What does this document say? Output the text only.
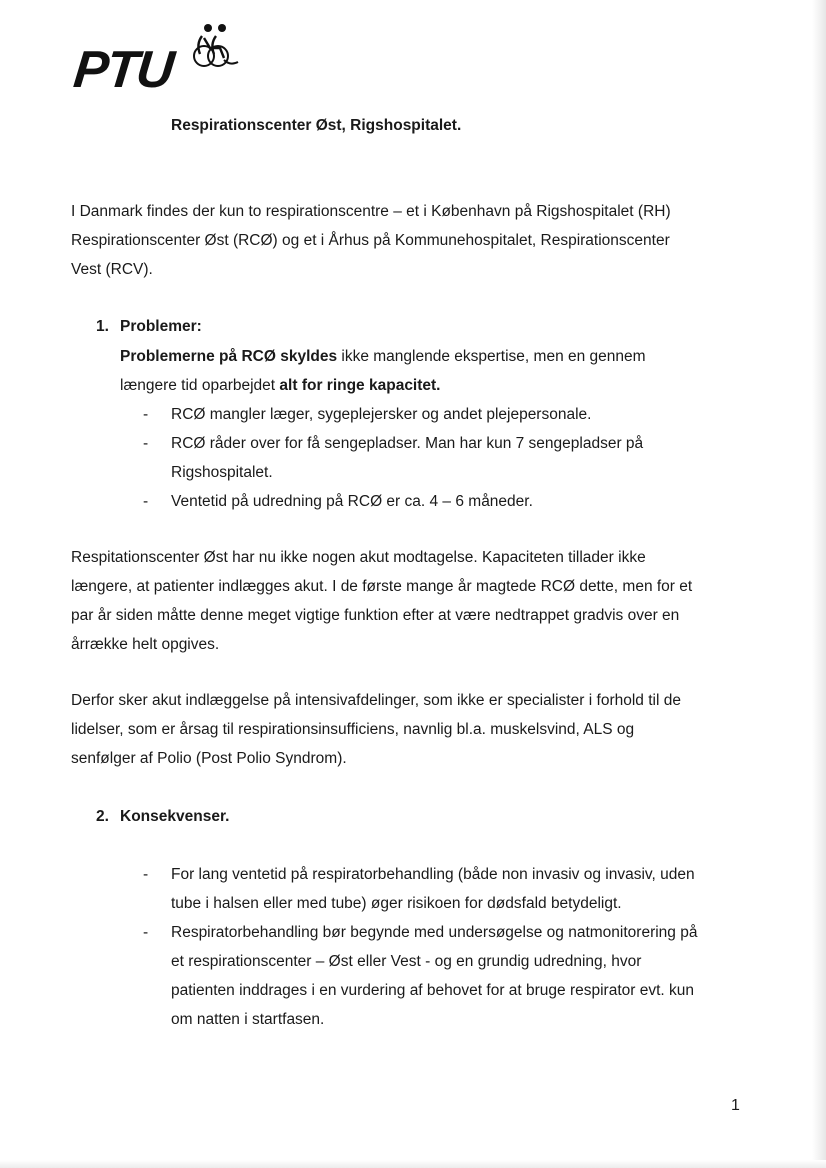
PTU
Respirationscenter Øst, Rigshospitalet.
I Danmark findes der kun to respirationscentre – et i København på Rigshospitalet (RH)
Respirationscenter Øst (RCØ) og et i Århus på Kommunehospitalet, Respirationscenter
Vest (RCV).
1. Problemer:
Problemerne på RCØ skyldes ikke manglende ekspertise, men en gennem
længere tid oparbejdet alt for ringe kapacitet.
- RCØ mangler læger, sygeplejersker og andet plejepersonale.
- RCØ råder over for få sengepladser. Man har kun 7 sengepladser på
Rigshospitalet.
- Ventetid på udredning på RCØ er ca. 4 – 6 måneder.
Respitationscenter Øst har nu ikke nogen akut modtagelse. Kapaciteten tillader ikke
længere, at patienter indlægges akut. I de første mange år magtede RCØ dette, men for et
par år siden måtte denne meget vigtige funktion efter at være nedtrappet gradvis over en
årrække helt opgives.
Derfor sker akut indlæggelse på intensivafdelinger, som ikke er specialister i forhold til de
lidelser, som er årsag til respirationsinsufficiens, navnlig bl.a. muskelsvind, ALS og
senfølger af Polio (Post Polio Syndrom).
2. Konsekvenser.
- For lang ventetid på respiratorbehandling (både non invasiv og invasiv, uden
tube i halsen eller med tube) øger risikoen for dødsfald betydeligt.
- Respiratorbehandling bør begynde med undersøgelse og natmonitorering på
et respirationscenter – Øst eller Vest - og en grundig udredning, hvor
patienten inddrages i en vurdering af behovet for at bruge respirator evt. kun
om natten i startfasen.
1
